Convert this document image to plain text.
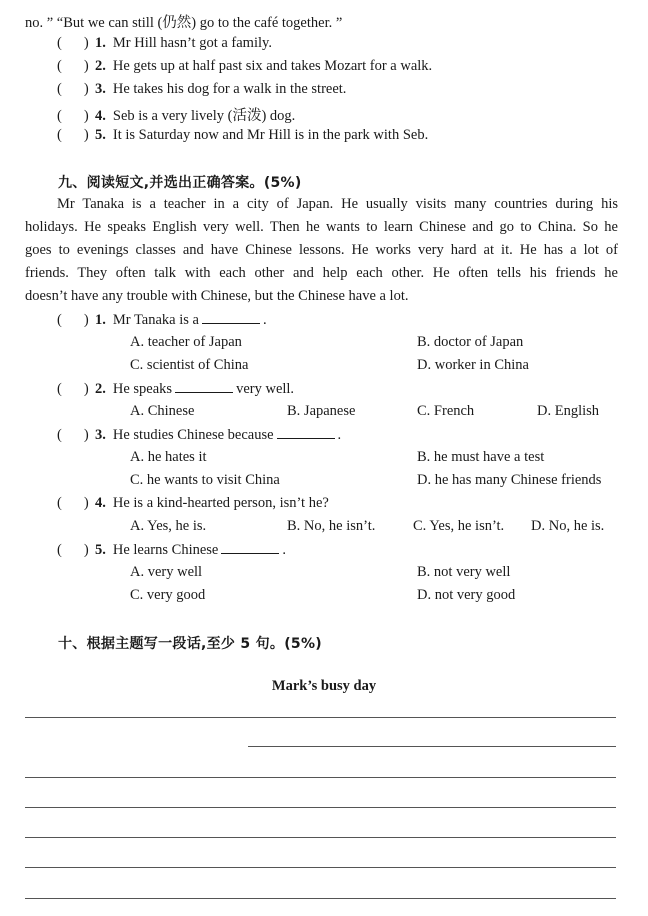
no. ” “But we can still (仍然) go to the café together. ”
( ) 1. Mr Hill hasn’t got a family.
( ) 2. He gets up at half past six and takes Mozart for a walk.
( ) 3. He takes his dog for a walk in the street.
( ) 4. Seb is a very lively (活泼) dog.
( ) 5. It is Saturday now and Mr Hill is in the park with Seb.
九、阅读短文,并选出正确答案。(5%)

Mr Tanaka is a teacher in a city of Japan. He usually visits many countries during his

holidays. He speaks English very well. Then he wants to learn Chinese and go to China. So he

goes to evenings classes and have Chinese lessons. He works very hard at it. He has a lot of

friends. They often talk with each other and help each other. He often tells his friends he

doesn’t have any trouble with Chinese, but the Chinese have a lot.

( ) 1. Mr Tanaka is a	.
A. teacher of Japan	B. doctor of Japan
C. scientist of China	D. worker in China
( ) 2. He speaks	very well.
A. Chinese	B. Japanese	C. French	D. English
( ) 3. He studies Chinese because	.
A. he hates it	B. he must have a test
C. he wants to visit China	D. he has many Chinese friends
( ) 4. He is a kind-hearted person, isn’t he?
A. Yes, he is.	B. No, he isn’t.	C. Yes, he isn’t. D. No, he is.
( ) 5. He learns Chinese	.
A. very well	B. not very well
C. very good	D. not very good
十、根据主题写一段话,至少 5 句。(5%)
Mark’s busy day
